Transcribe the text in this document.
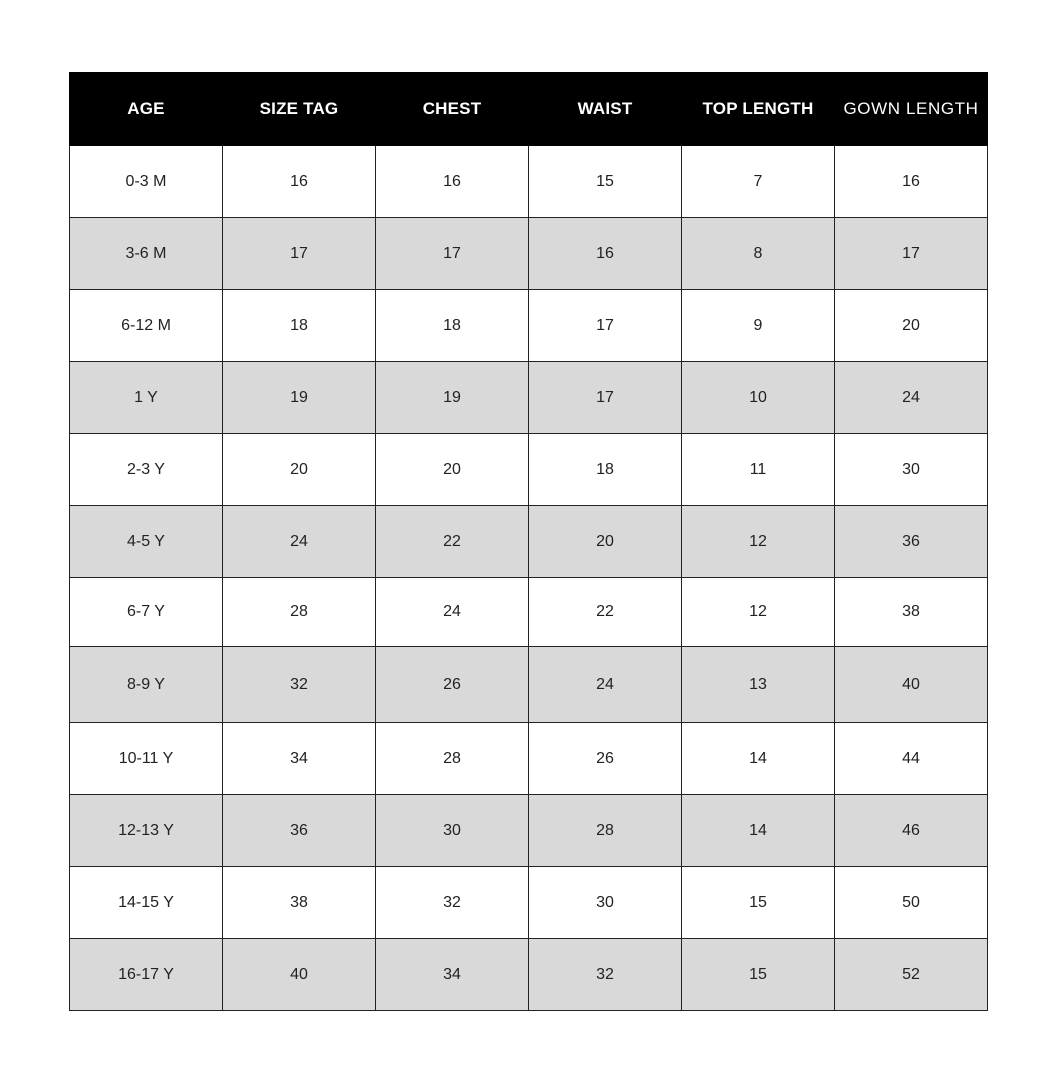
AGE	SIZE TAG	CHEST	WAIST	TOP LENGTH	GOWN LENGTH
0-3 M	16	16	15	7	16
3-6 M	17	17	16	8	17
6-12 M	18	18	17	9	20
1 Y	19	19	17	10	24
2-3 Y	20	20	18	11	30
4-5 Y	24	22	20	12	36
6-7 Y	28	24	22	12	38
8-9 Y	32	26	24	13	40
10-11 Y	34	28	26	14	44
12-13 Y	36	30	28	14	46
14-15 Y	38	32	30	15	50
16-17 Y	40	34	32	15	52
